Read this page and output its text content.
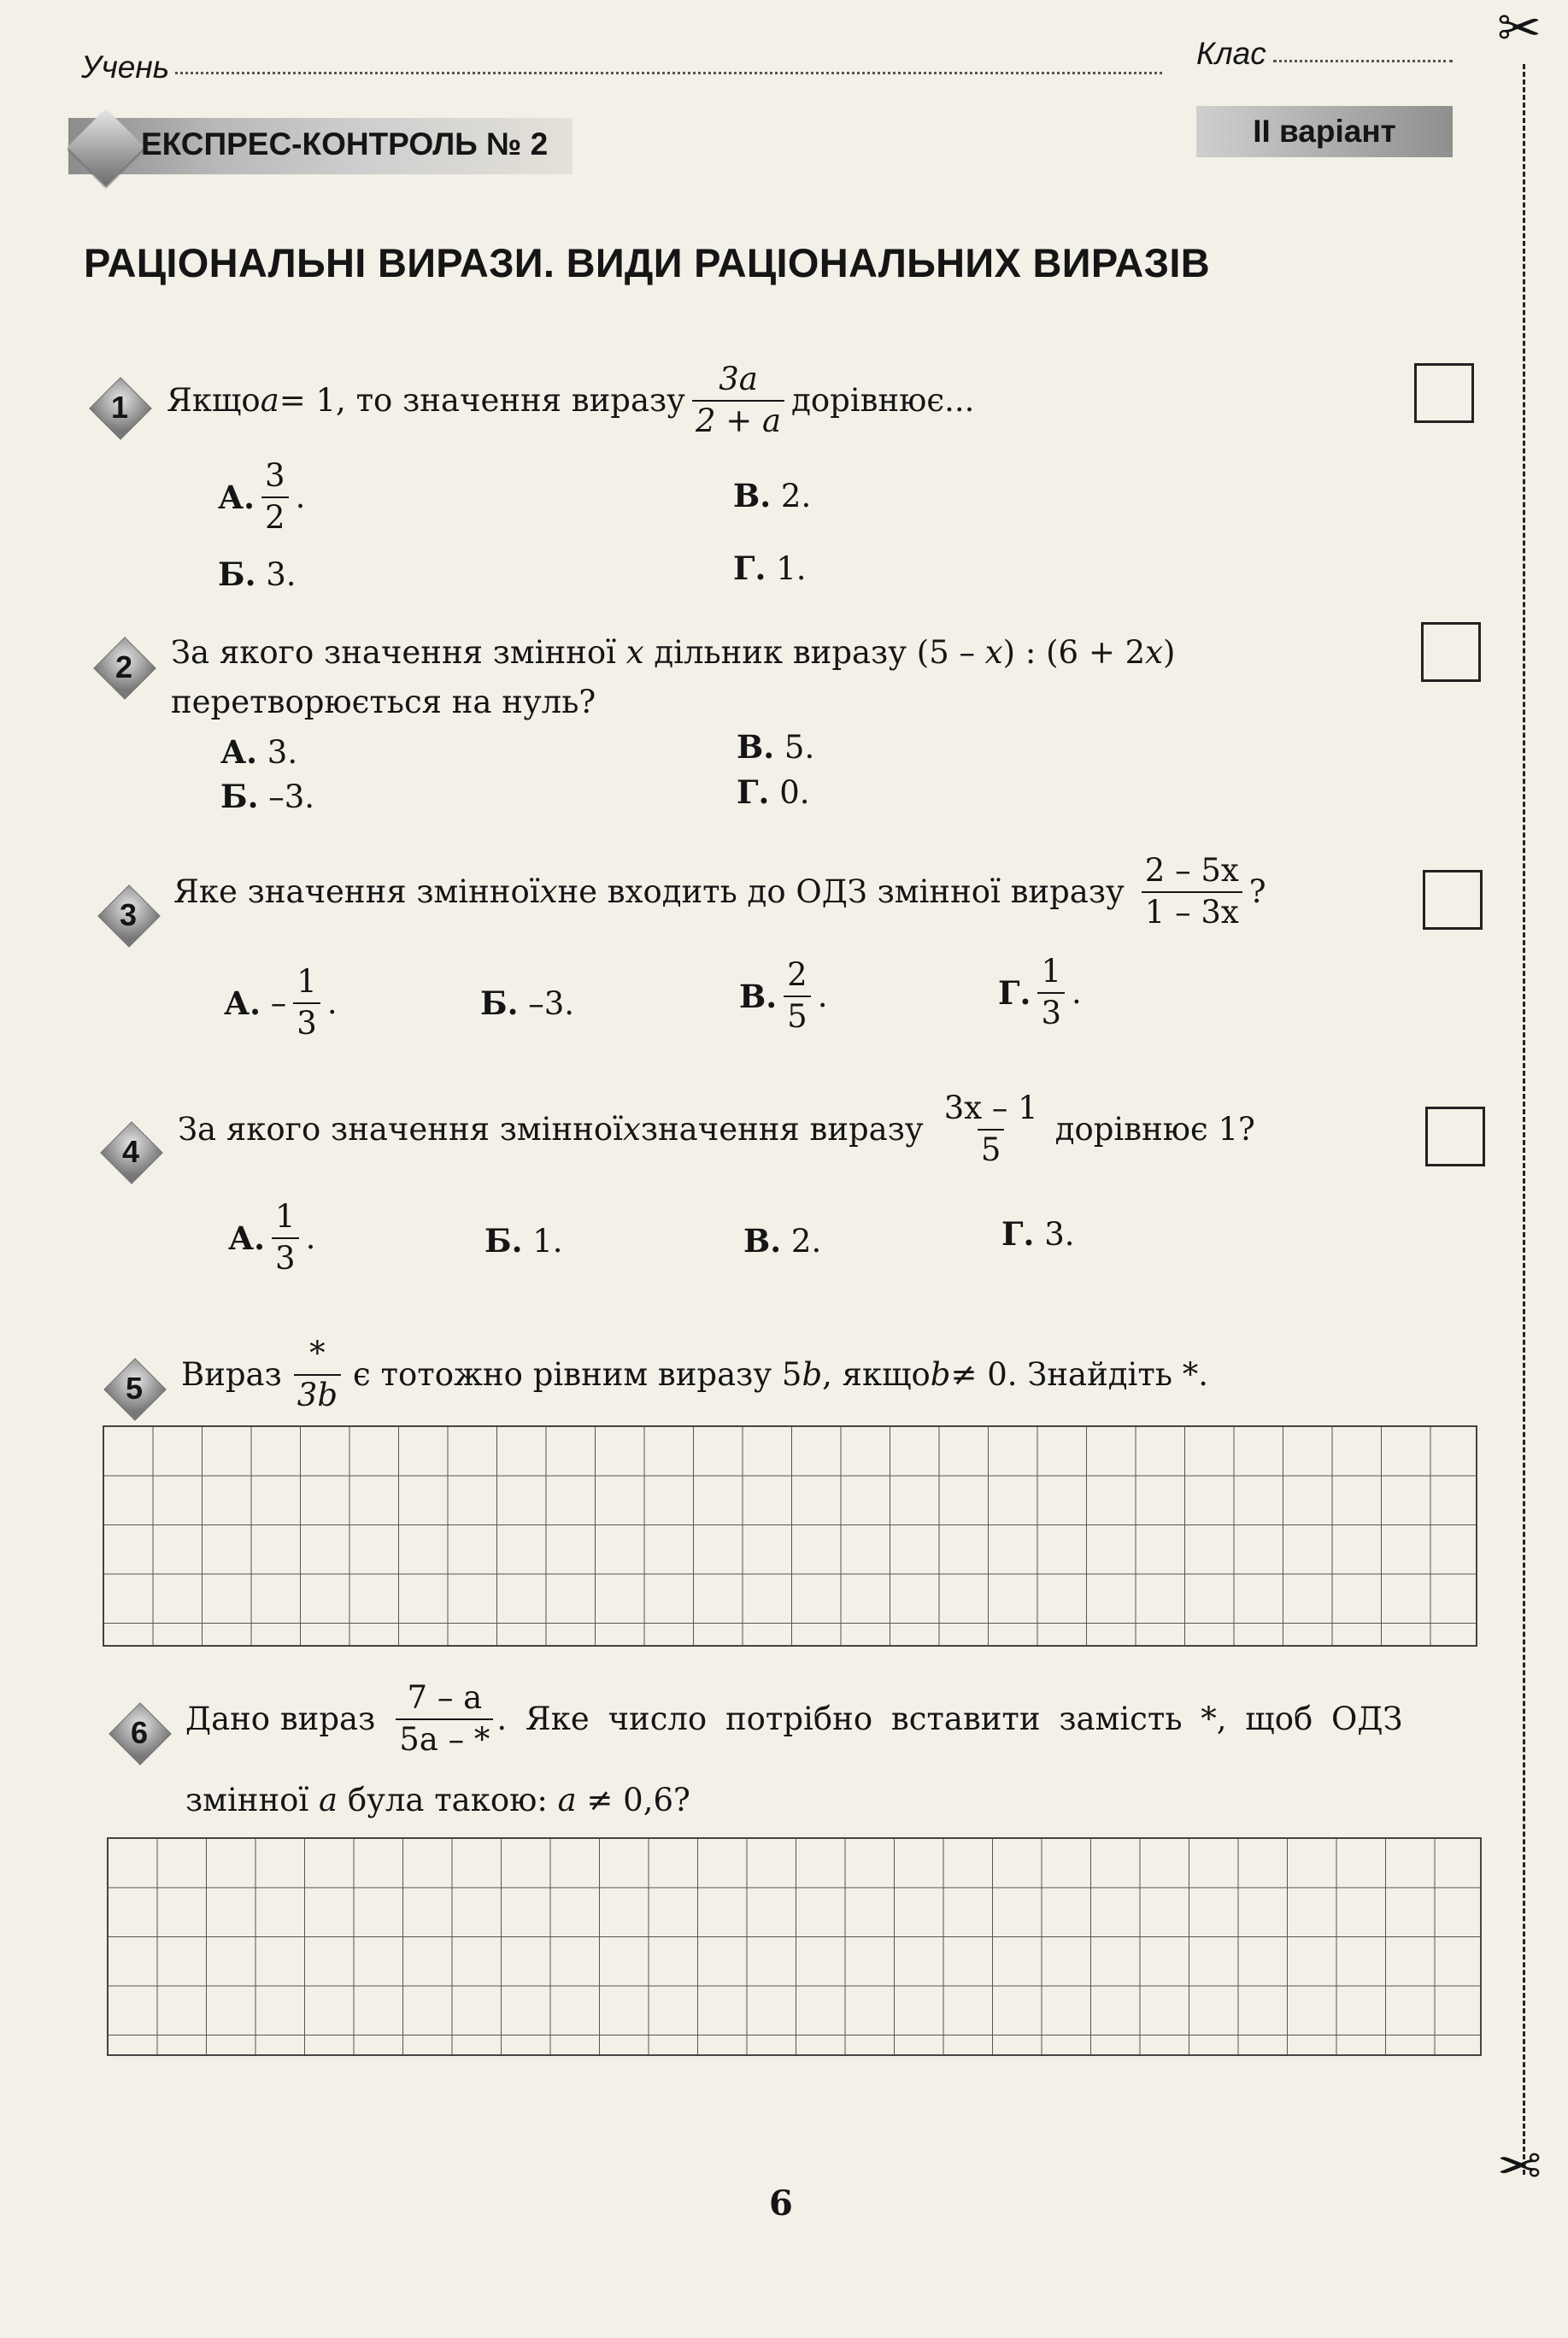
Учень	Клас
ЕКСПРЕС-КОНТРОЛЬ № 2	ІІ варіант
РАЦІОНАЛЬНІ ВИРАЗИ. ВИДИ РАЦІОНАЛЬНИХ ВИРАЗІВ
1 Якщо a = 1, то значення виразу $\frac{3a}{2 + a}$ дорівнює...
А. $\frac{3}{2}$ .
Б. 3.
В. 2.
Г. 1.
2 За якого значення змінної x дільник виразу (5 – x) : (6 + 2x)
перетворюється на нуль?
А. 3.
Б. –3.
В. 5.
Г. 0.
3
Яке значення змінної x не входить до ОДЗ змінної виразу $\frac{2 - 5x}{1 - 3x}$ ?
А.
– $\frac{1}{3}$ .	Б. –3.	В. $\frac{2}{5}$ .	Г. $\frac{1}{3}$ .
4
За якого значення змінної x значення виразу $\frac{3x - 1}{5}$ дорівнює 1?
А. $\frac{1}{3}$ .	Б. 1.	В. 2.	Г. 3.
5 Вираз $\frac{*}{3b}$ є тотожно рівним виразу 5 b , якщо b ≠ 0. Знайдіть *.
6 Дано вираз $\frac{7 - a}{5a - *}$ . Яке число потрібно вставити замість *, щоб ОДЗ
змінної a була такою: a ≠ 0,6?
✂
✂
6
